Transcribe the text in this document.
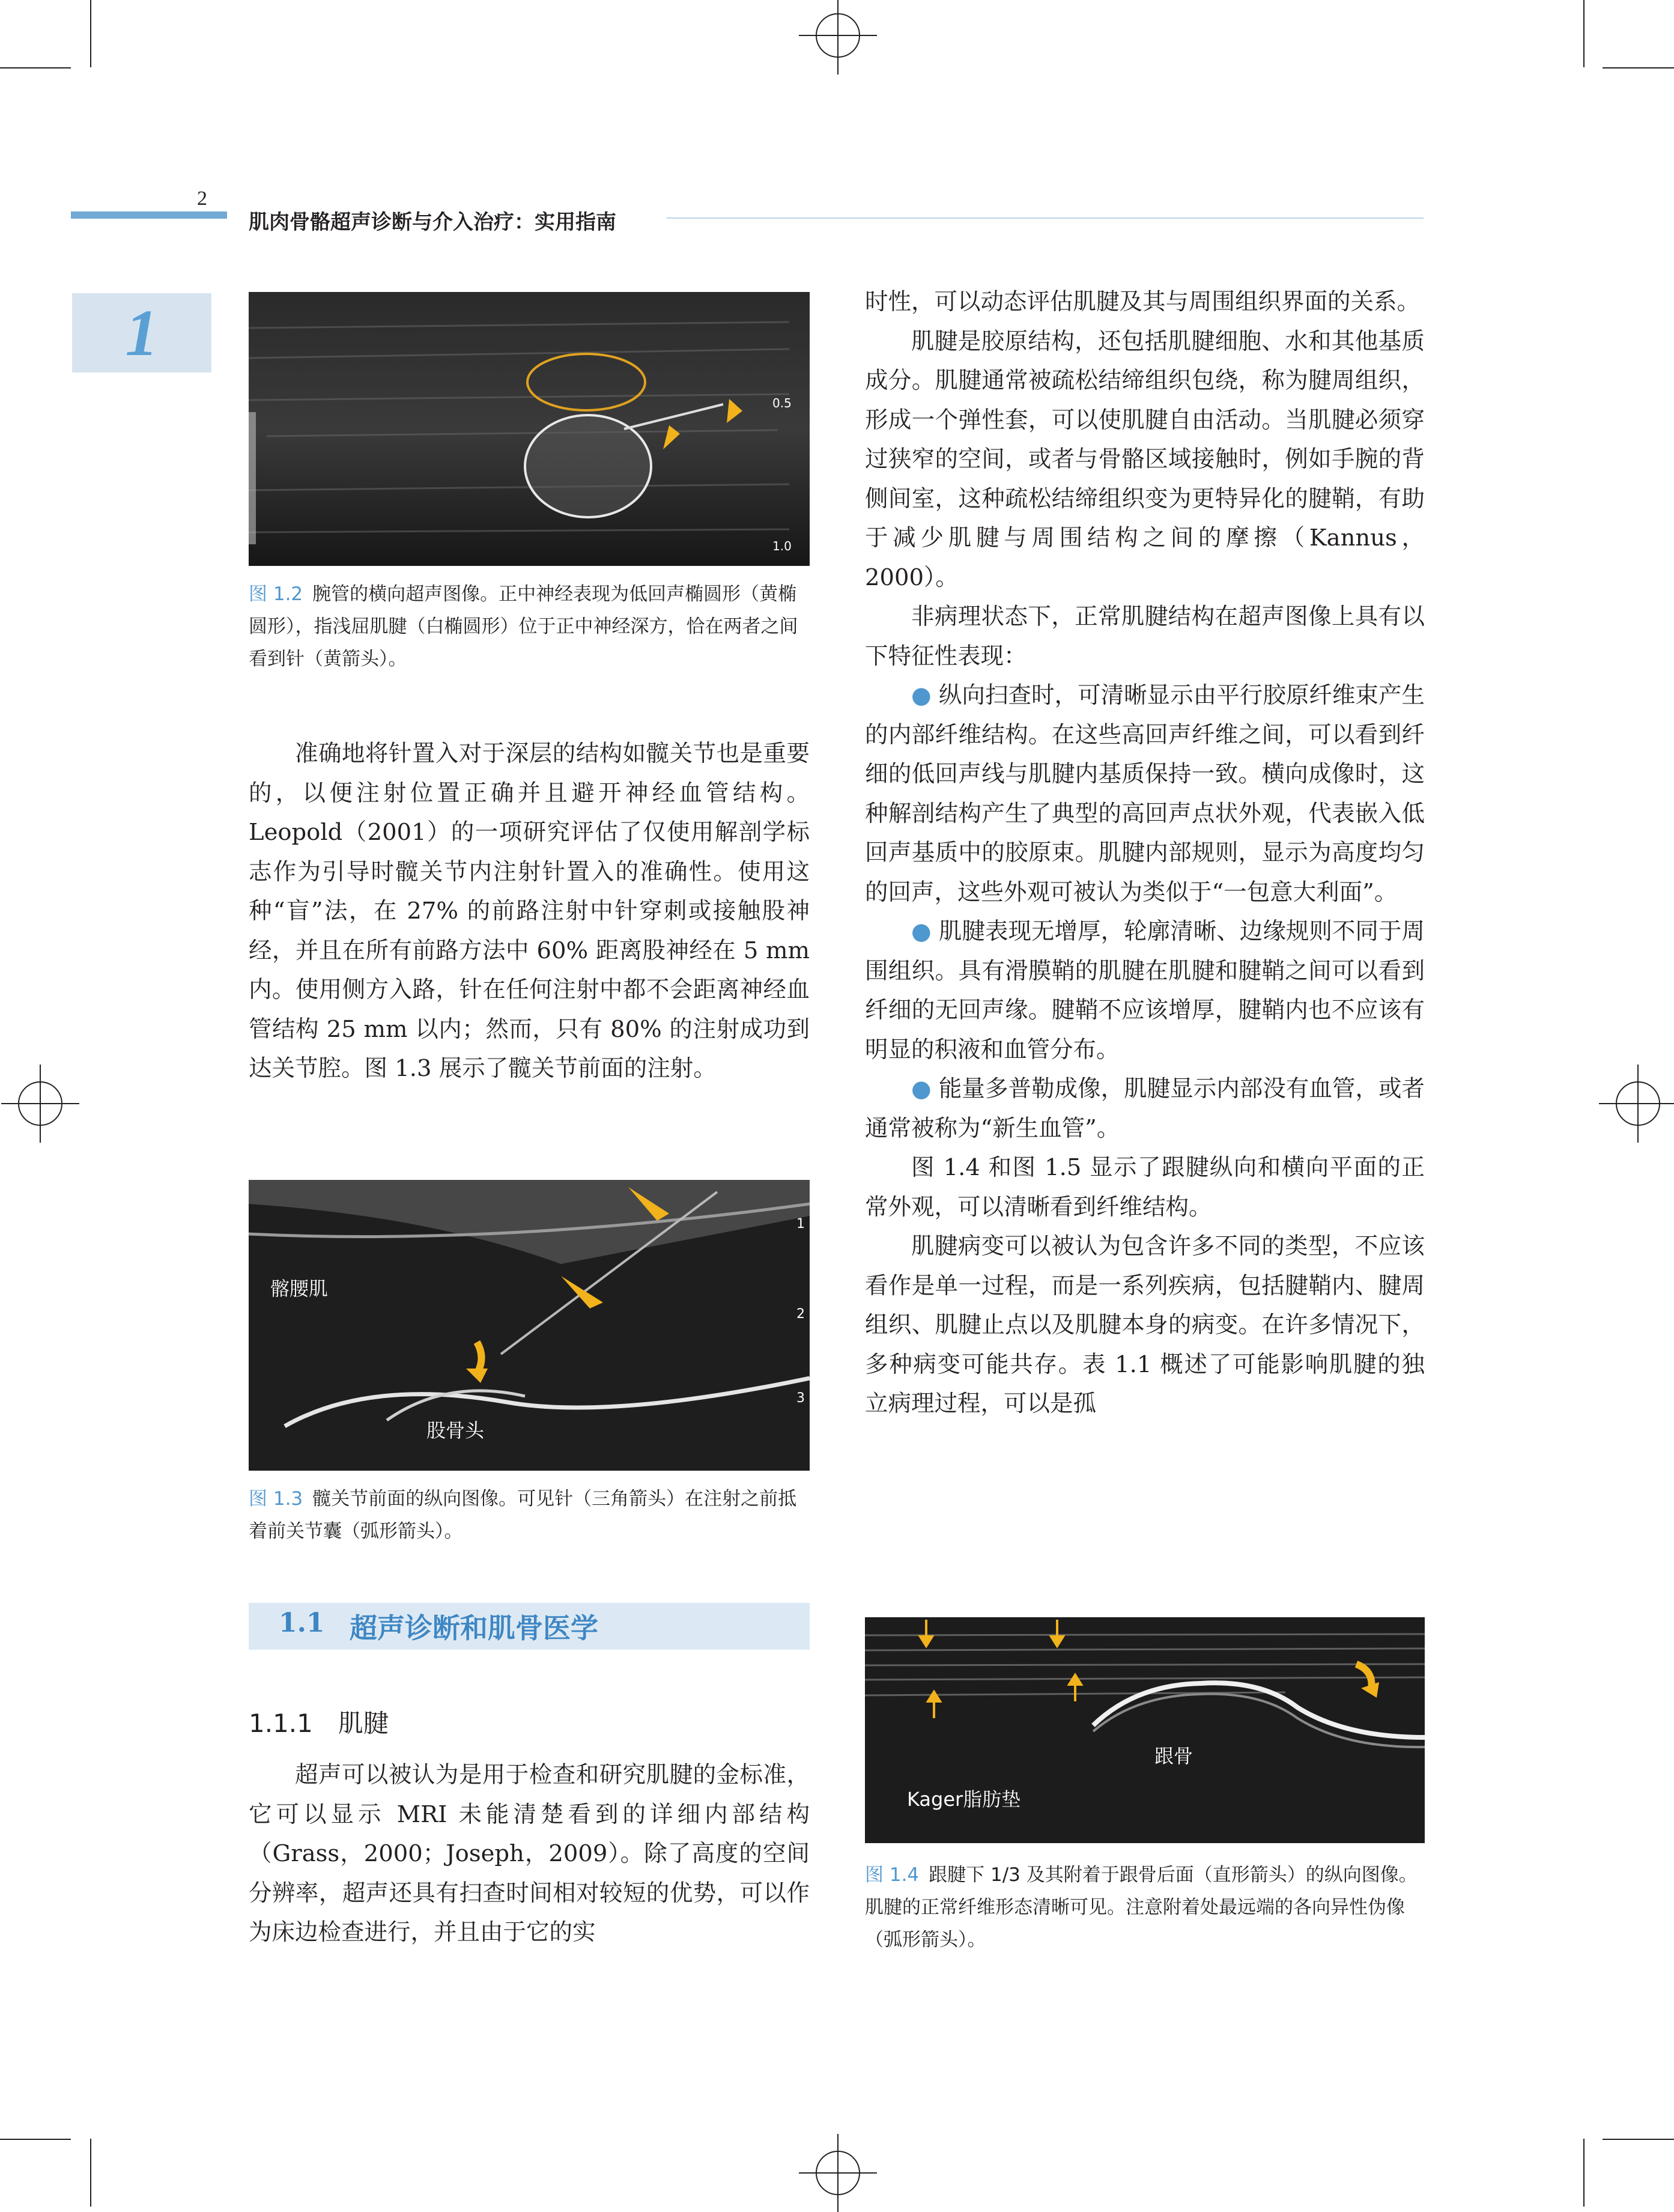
2
肌肉骨骼超声诊断与介入治疗：实用指南
1
0.5
1.0
图 1.2 腕管的横向超声图像。正中神经表现为低回声椭圆形（黄椭圆形），指浅屈肌腱（白椭圆形）位于正中神经深方，恰在两者之间看到针（黄箭头）。

准确地将针置入对于深层的结构如髋关节也是重要的，以便注射位置正确并且避开神经血管结构。Leopold（2001）的一项研究评估了仅使用解剖学标志作为引导时髋关节内注射针置入的准确性。使用这种“盲”法，在 27% 的前路注射中针穿刺或接触股神经，并且在所有前路方法中 60% 距离股神经在 5 mm 内。使用侧方入路，针在任何注射中都不会距离神经血管结构 25 mm 以内；然而，只有 80% 的注射成功到达关节腔。图 1.3 展示了髋关节前面的注射。

1
2
3
髂腰肌
股骨头
图 1.3 髋关节前面的纵向图像。可见针（三角箭头）在注射之前抵着前关节囊（弧形箭头）。
1.1 超声诊断和肌骨医学
1.1.1　肌腱

超声可以被认为是用于检查和研究肌腱的金标准，它可以显示 MRI 未能清楚看到的详细内部结构（Grass，2000；Joseph，2009）。除了高度的空间分辨率，超声还具有扫查时间相对较短的优势，可以作为床边检查进行，并且由于它的实

时性，可以动态评估肌腱及其与周围组织界面的关系。

肌腱是胶原结构，还包括肌腱细胞、水和其他基质成分。肌腱通常被疏松结缔组织包绕，称为腱周组织，形成一个弹性套，可以使肌腱自由活动。当肌腱必须穿过狭窄的空间，或者与骨骼区域接触时，例如手腕的背侧间室，这种疏松结缔组织变为更特异化的腱鞘，有助于减少肌腱与周围结构之间的摩擦（Kannus，2000）。

非病理状态下，正常肌腱结构在超声图像上具有以下特征性表现：

● 纵向扫查时，可清晰显示由平行胶原纤维束产生的内部纤维结构。在这些高回声纤维之间，可以看到纤细的低回声线与肌腱内基质保持一致。横向成像时，这种解剖结构产生了典型的高回声点状外观，代表嵌入低回声基质中的胶原束。肌腱内部规则，显示为高度均匀的回声，这些外观可被认为类似于“一包意大利面”。

● 肌腱表现无增厚，轮廓清晰、边缘规则不同于周围组织。具有滑膜鞘的肌腱在肌腱和腱鞘之间可以看到纤细的无回声缘。腱鞘不应该增厚，腱鞘内也不应该有明显的积液和血管分布。

● 能量多普勒成像，肌腱显示内部没有血管，或者通常被称为“新生血管”。

图 1.4 和图 1.5 显示了跟腱纵向和横向平面的正常外观，可以清晰看到纤维结构。

肌腱病变可以被认为包含许多不同的类型，不应该看作是单一过程，而是一系列疾病，包括腱鞘内、腱周组织、肌腱止点以及肌腱本身的病变。在许多情况下，多种病变可能共存。表 1.1 概述了可能影响肌腱的独立病理过程，可以是孤

跟骨
Kager脂肪垫
图 1.4 跟腱下 1/3 及其附着于跟骨后面（直形箭头）的纵向图像。肌腱的正常纤维形态清晰可见。注意附着处最远端的各向异性伪像（弧形箭头）。
